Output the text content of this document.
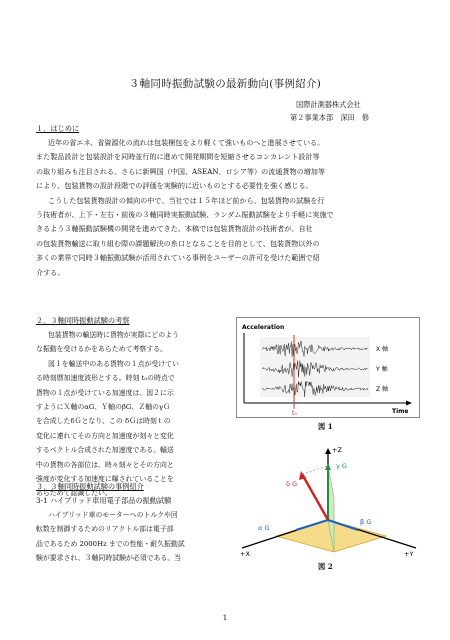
３軸同時振動試験の最新動向(事例紹介)
国際計測器株式会社
第２事業本部　深田　修
１．はじめに

近年の省エネ、省資源化の流れは包装梱包をより軽くて強いものへと進展させている。

また製品設計と包装設計を同時並行的に進めて開発期間を短縮させるコンカレント設計等

の取り組みも注目される。さらに新興国（中国、ASEAN、ロシア等）の流通貨物の増加等

により、包装貨物の設計段階での評価を実験的に近いものとする必要性を強く感じる。

こうした包装貨物設計の傾向の中で、当社では１５年ほど前から、包装貨物の試験を行

う技術者が、上下・左右・前後の３軸同時実振動試験、ランダム振動試験をより手軽に実施で

きるよう３軸振動試験機の開発を進めてきた。本稿では包装貨物設計の技術者が、自社

の包装貨物輸送に取り組む際の課題解決の糸口となることを目的として、包装貨物以外の

多くの業界で同時３軸振動試験が活用されている事例をユーザーの許可を受けた範囲で紹

介する。

２．３軸同時振動試験の考察

包装貨物の輸送時に貨物が実際にどのよう

な振動を受けるかをあらためて考察する。

図１を輸送中のある貨物の１点が受けてい

る時刻暦加速度波形とする。時刻 t₀の時点で

貨物の１点が受けている加速度は、図２に示

すようにＸ軸のαG、Ｙ軸のβG、Ｚ軸のγＧ

を合成したδＧとなり、この δＧは時刻ｔの

変化に連れてその方向と加速度が刻々と変化

するベクトル合成された加速度である。輸送

中の貨物の各部位は、時々刻々とその方向と

強度が変化する加速度に曝されていることを

あらためて認識したい。

３．３軸同時振動試験の事例紹介
3-1 ハイブリッド車用電子部品の振動試験

ハイブリッド車のモーターへのトルクや回

転数を制御するためのリアクトル部は電子部

品であるため 2000Hz までの性能・耐久振動試

験が要求され、３軸同時試験が必須である。当

Acceleration
t₀
X 軸
Y 軸
Z 軸
Time
図 1
+Z
γ G
δ G
α G
β G
+X	+Y
図 2
1
